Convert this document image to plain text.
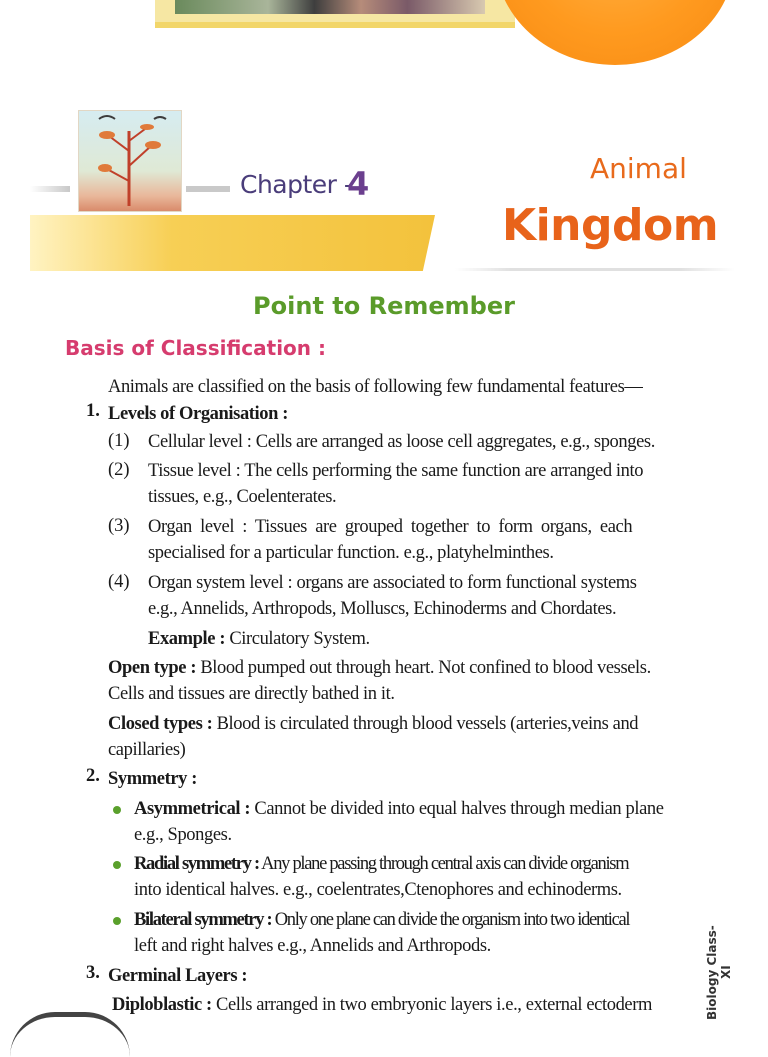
Chapter -
4	Animal
Kingdom
Point to Remember
Basis of Classification :
Animals are classified on the basis of following few fundamental features—
1. Levels of Organisation :
(1) Cellular level : Cells are arranged as loose cell aggregates, e.g., sponges.
(2) Tissue level : The cells performing the same function are arranged into
tissues, e.g., Coelenterates.
(3) Organ level : Tissues are grouped together to form organs, each
specialised for a particular function. e.g., platyhelminthes.
(4) Organ system level : organs are associated to form functional systems
e.g., Annelids, Arthropods, Molluscs, Echinoderms and Chordates.
Example : Circulatory System.
Open type : Blood pumped out through heart. Not confined to blood vessels.
Cells and tissues are directly bathed in it.
Closed types : Blood is circulated through blood vessels (arteries,veins and
capillaries)
2. Symmetry :
Asymmetrical : Cannot be divided into equal halves through median plane
e.g., Sponges.
Radial symmetry : Any plane passing through central axis can divide organism
into identical halves. e.g., coelentrates,Ctenophores and echinoderms.
Bilateral symmetry : Only one plane can divide the organism into two identical
left and right halves e.g., Annelids and Arthropods.
3. Germinal Layers :
Diploblastic : Cells arranged in two embryonic layers i.e., external ectoderm	Biology Class-XI
